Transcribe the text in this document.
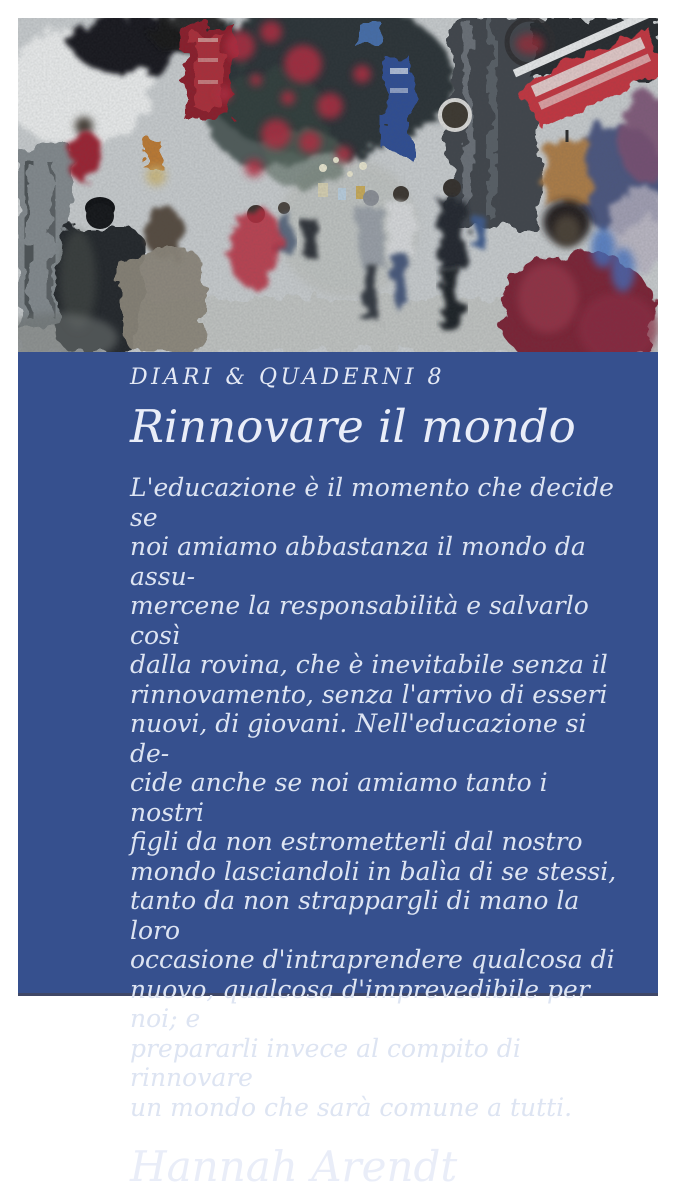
DIARI & QUADERNI 8
Rinnovare il mondo
L'educazione è il momento che decide se
noi amiamo abbastanza il mondo da assu-
mercene la responsabilità e salvarlo così
dalla rovina, che è inevitabile senza il
rinnovamento, senza l'arrivo di esseri
nuovi, di giovani. Nell'educazione si de-
cide anche se noi amiamo tanto i nostri
figli da non estrometterli dal nostro
mondo lasciandoli in balìa di se stessi,
tanto da non strappargli di mano la loro
occasione d'intraprendere qualcosa di
nuovo, qualcosa d'imprevedibile per noi; e
prepararli invece al compito di rinnovare
un mondo che sarà comune a tutti.
Hannah Arendt
